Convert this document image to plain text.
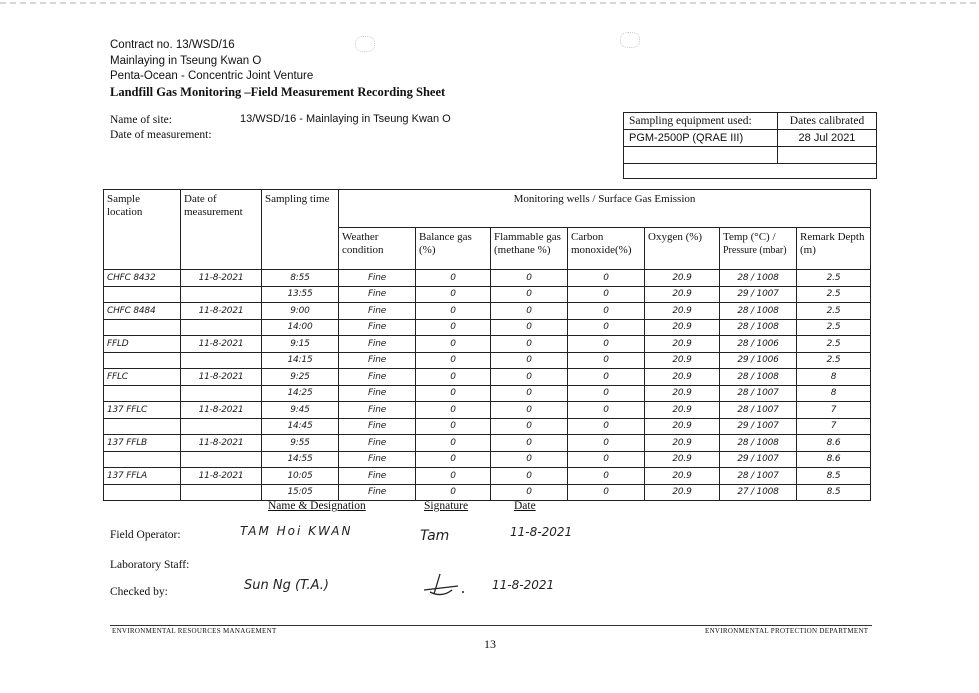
Contract no. 13/WSD/16
Mainlaying in Tseung Kwan O
Penta-Ocean - Concentric Joint Venture
Landfill Gas Monitoring –Field Measurement Recording Sheet
Name of site:
Date of measurement:
13/WSD/16 - Mainlaying in Tseung Kwan O	Sampling equipment used:	Dates calibrated
PGM-2500P (QRAE III)	28 Jul 2021

Sample location	Date of measurement	Sampling time	Monitoring wells / Surface Gas Emission						
			Weather condition	Balance gas (%)	Flammable gas (methane %)	Carbon monoxide(%)	Oxygen (%)	Temp (°C) /
Pressure (mbar)	Remark Depth (m)
CHFC 8432	11-8-2021	8:55	Fine	0	0	0	20.9	28 / 1008	2.5
		13:55	Fine	0	0	0	20.9	29 / 1007	2.5
CHFC 8484	11-8-2021	9:00	Fine	0	0	0	20.9	28 / 1008	2.5
		14:00	Fine	0	0	0	20.9	28 / 1008	2.5
FFLD	11-8-2021	9:15	Fine	0	0	0	20.9	28 / 1006	2.5
		14:15	Fine	0	0	0	20.9	29 / 1006	2.5
FFLC	11-8-2021	9:25	Fine	0	0	0	20.9	28 / 1008	8
		14:25	Fine	0	0	0	20.9	28 / 1007	8
137 FFLC	11-8-2021	9:45	Fine	0	0	0	20.9	28 / 1007	7
		14:45	Fine	0	0	0	20.9	29 / 1007	7
137 FFLB	11-8-2021	9:55	Fine	0	0	0	20.9	28 / 1008	8.6
		14:55	Fine	0	0	0	20.9	29 / 1007	8.6
137 FFLA	11-8-2021	10:05	Fine	0	0	0	20.9	28 / 1007	8.5
		15:05	Fine	0	0	0	20.9	27 / 1008	8.5
Name & Designation	Signature	Date
Field Operator:	TAM Hoi KWAN	Tam	11-8-2021
Laboratory Staff:
Checked by:	Sun Ng (T.A.)	11-8-2021
ENVIRONMENTAL RESOURCES MANAGEMENT	ENVIRONMENTAL PROTECTION DEPARTMENT
13
